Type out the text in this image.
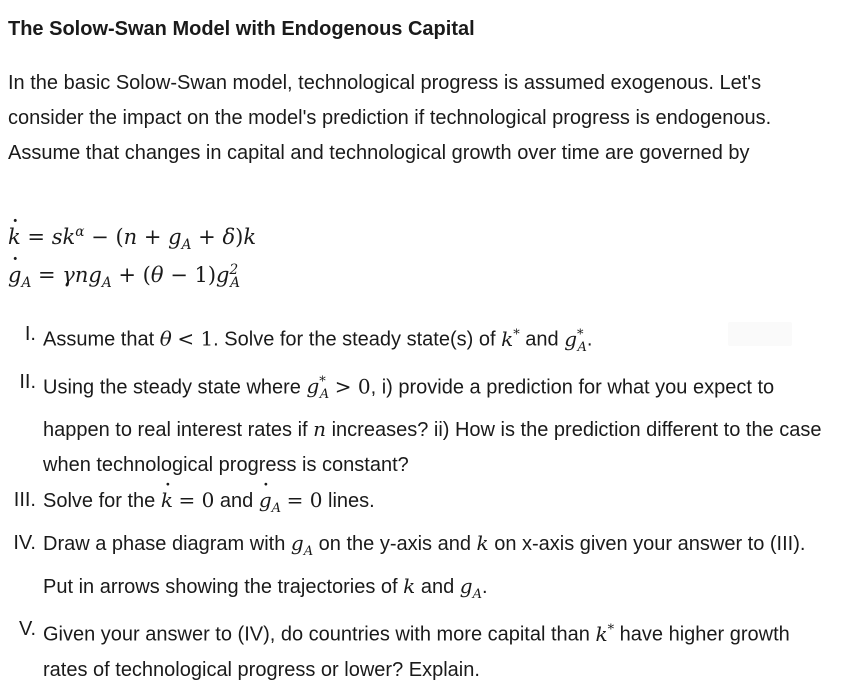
The Solow-Swan Model with Endogenous Capital

In the basic Solow-Swan model, technological progress is assumed exogenous. Let's consider the impact on the model's prediction if technological progress is endogenous. Assume that changes in capital and technological growth over time are governed by

˙ $k = sk^\alpha - (n + g_A + \delta)k$
˙ $g_A = \gamma ng_A + (\theta - 1)g^2_A$
I. Assume that θ < 1. Solve for the steady state(s) of k* and $g^*_A$.
II. Using the steady state where $g^*_A > 0$, i) provide a prediction for what you expect to happen to real interest rates if n increases? ii) How is the prediction different to the case when technological progress is constant?
III. Solve for the ˙ k = 0 and ˙ $g_A = 0$ lines.
IV. Draw a phase diagram with $g_A$ on the y-axis and k on x-axis given your answer to (III). Put in arrows showing the trajectories of k and $g_A$.
V. Given your answer to (IV), do countries with more capital than k* have higher growth rates of technological progress or lower? Explain.
